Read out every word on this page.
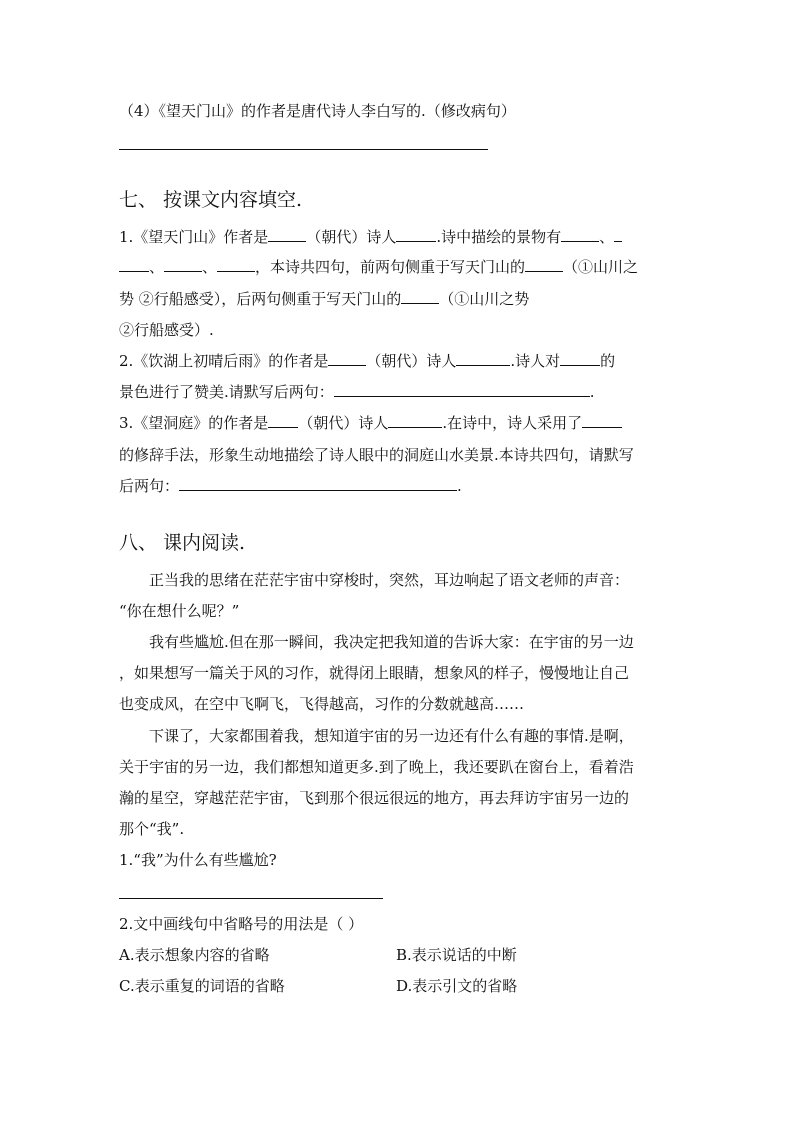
（4）《望天门山》的作者是唐代诗人李白写的.（修改病句）
七、 按课文内容填空.
1.《望天门山》作者是	（朝代）诗人	.诗中描绘的景物有	、
、	、	，本诗共四句，前两句侧重于写天门山的	（①山川之
势 ②行船感受），后两句侧重于写天门山的	（①山川之势
②行船感受）.
2.《饮湖上初晴后雨》的作者是	（朝代）诗人	.诗人对	的
景色进行了赞美.请默写后两句：	.
3.《望洞庭》的作者是 （朝代）诗人	.在诗中，诗人采用了
的修辞手法，形象生动地描绘了诗人眼中的洞庭山水美景.本诗共四句，请默写
后两句：	.
八、 课内阅读.
正当我的思绪在茫茫宇宙中穿梭时，突然，耳边响起了语文老师的声音：
“你在想什么呢？”
我有些尴尬.但在那一瞬间，我决定把我知道的告诉大家：在宇宙的另一边
，如果想写一篇关于风的习作，就得闭上眼睛，想象风的样子，慢慢地让自己
也变成风，在空中飞啊飞，飞得越高，习作的分数就越高……
下课了，大家都围着我，想知道宇宙的另一边还有什么有趣的事情.是啊，
关于宇宙的另一边，我们都想知道更多.到了晚上，我还要趴在窗台上，看着浩
瀚的星空，穿越茫茫宇宙，飞到那个很远很远的地方，再去拜访宇宙另一边的
那个“我”.
1.“我”为什么有些尴尬?
2.文中画线句中省略号的用法是（ ）
A.表示想象内容的省略	B.表示说话的中断
C.表示重复的词语的省略	D.表示引文的省略
